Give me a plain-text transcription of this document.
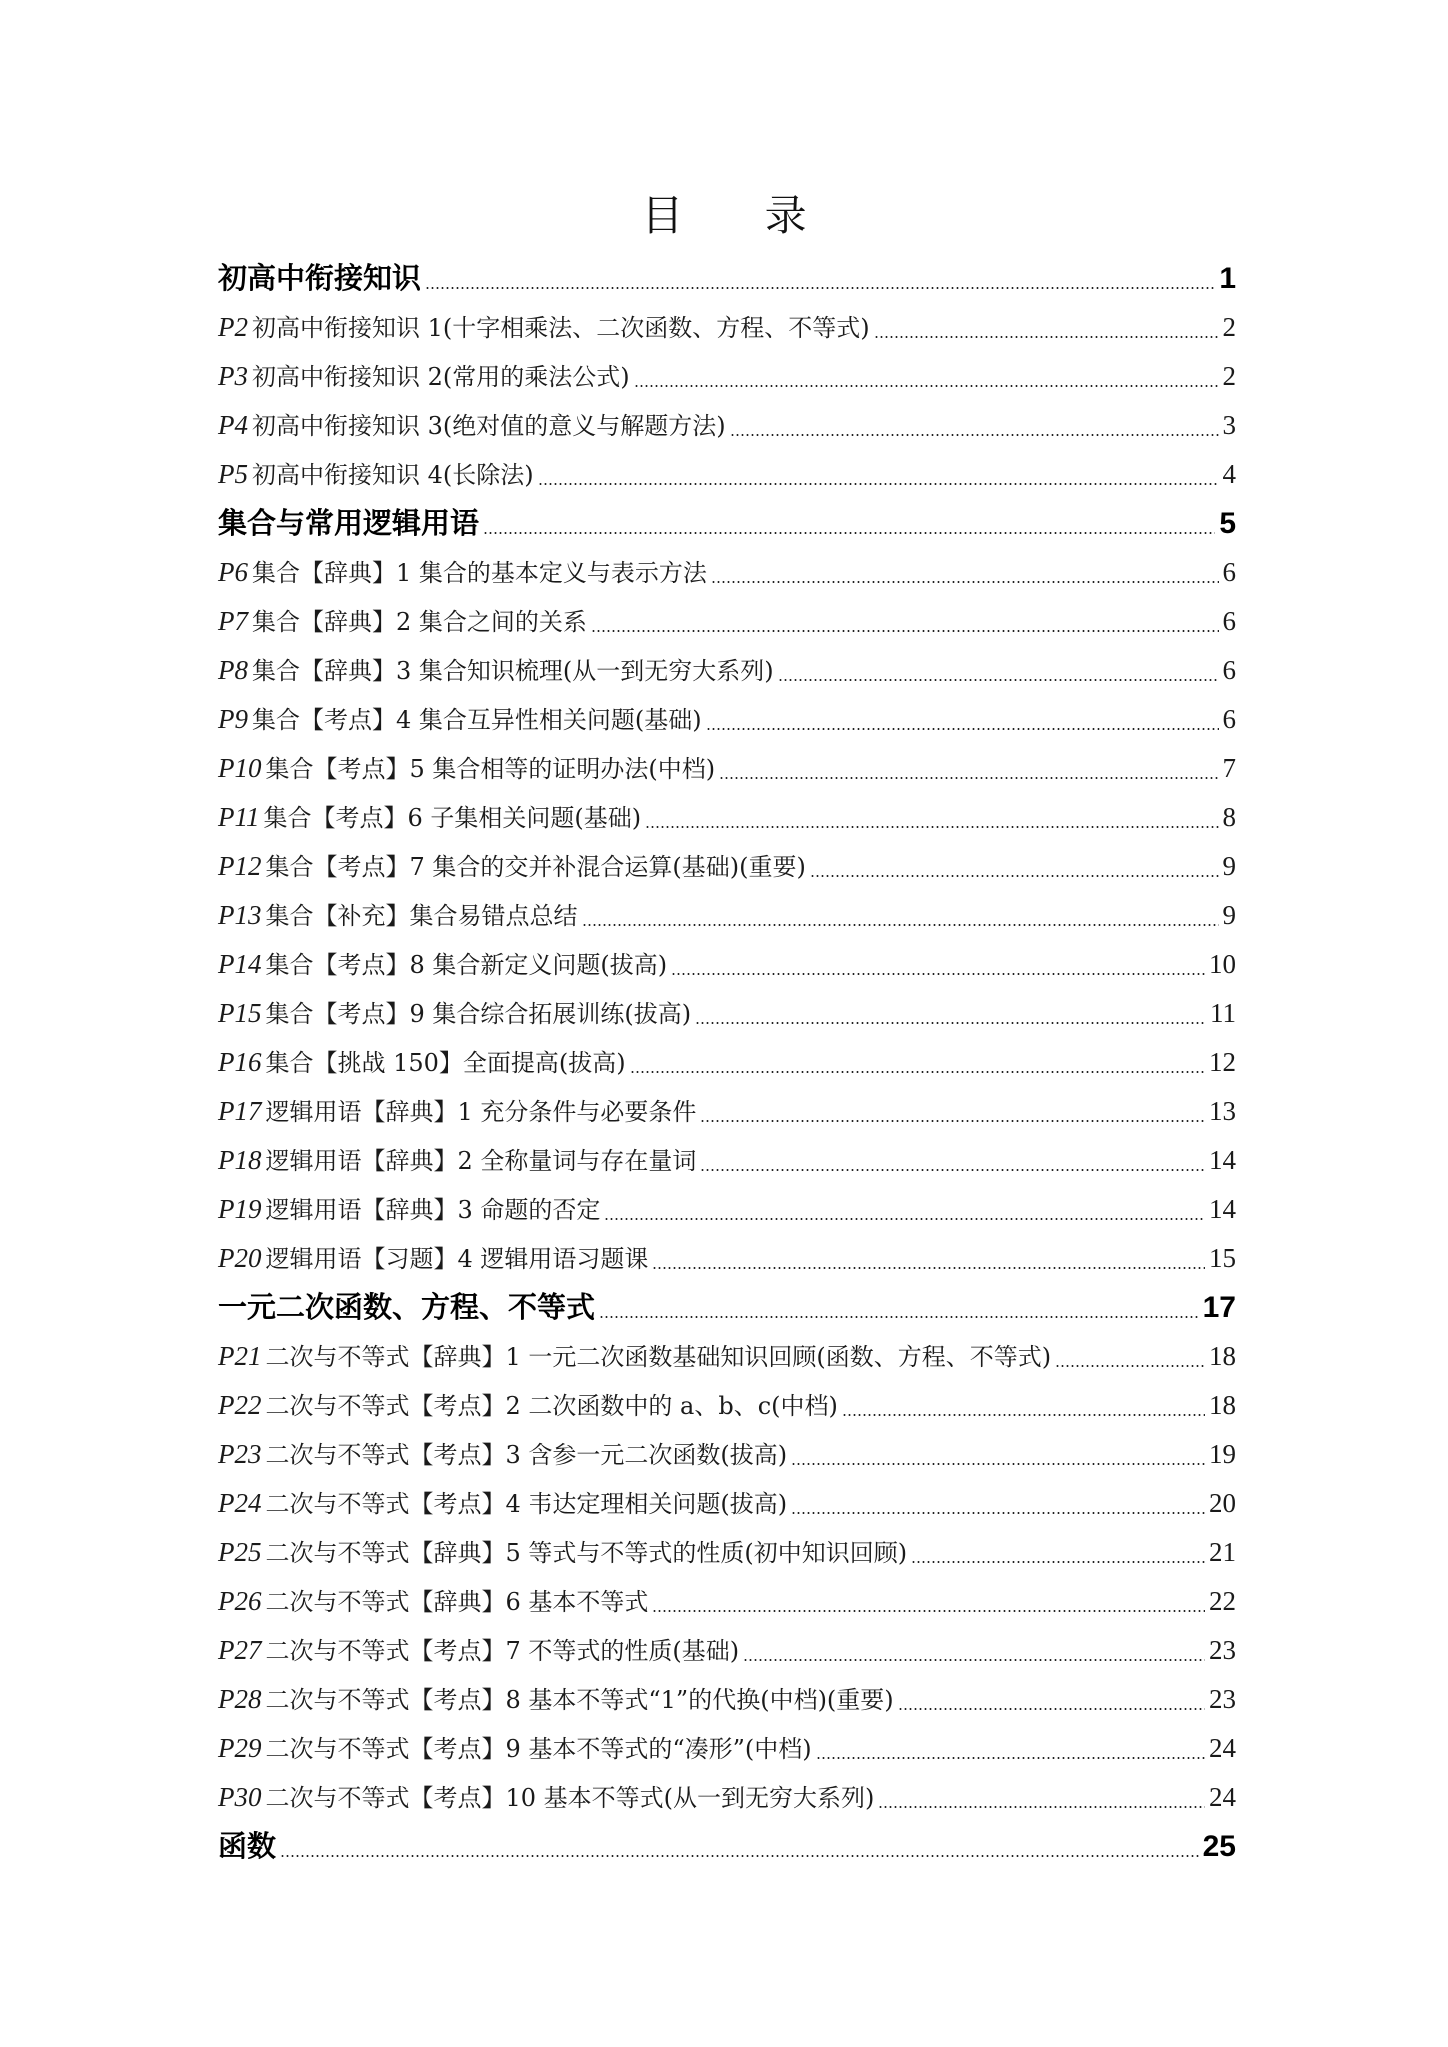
目 录
初高中衔接知识	1
P2 初高中衔接知识 1(十字相乘法、二次函数、方程、不等式)	2
P3 初高中衔接知识 2(常用的乘法公式)	2
P4 初高中衔接知识 3(绝对值的意义与解题方法)	3
P5 初高中衔接知识 4(长除法)	4
集合与常用逻辑用语	5
P6 集合【辞典】1 集合的基本定义与表示方法	6
P7 集合【辞典】2 集合之间的关系	6
P8 集合【辞典】3 集合知识梳理(从一到无穷大系列)	6
P9 集合【考点】4 集合互异性相关问题(基础)	6
P10 集合【考点】5 集合相等的证明办法(中档)	7
P11 集合【考点】6 子集相关问题(基础)	8
P12 集合【考点】7 集合的交并补混合运算(基础)(重要)	9
P13 集合【补充】集合易错点总结	9
P14 集合【考点】8 集合新定义问题(拔高)	10
P15 集合【考点】9 集合综合拓展训练(拔高)	11
P16 集合【挑战 150】全面提高(拔高)	12
P17 逻辑用语【辞典】1 充分条件与必要条件	13
P18 逻辑用语【辞典】2 全称量词与存在量词	14
P19 逻辑用语【辞典】3 命题的否定	14
P20 逻辑用语【习题】4 逻辑用语习题课	15
一元二次函数、方程、不等式	17
P21 二次与不等式【辞典】1 一元二次函数基础知识回顾(函数、方程、不等式)	18
P22 二次与不等式【考点】2 二次函数中的 a、b、c(中档)	18
P23 二次与不等式【考点】3 含参一元二次函数(拔高)	19
P24 二次与不等式【考点】4 韦达定理相关问题(拔高)	20
P25 二次与不等式【辞典】5 等式与不等式的性质(初中知识回顾)	21
P26 二次与不等式【辞典】6 基本不等式	22
P27 二次与不等式【考点】7 不等式的性质(基础)	23
P28 二次与不等式【考点】8 基本不等式“1”的代换(中档)(重要)	23
P29 二次与不等式【考点】9 基本不等式的“凑形”(中档)	24
P30 二次与不等式【考点】10 基本不等式(从一到无穷大系列)	24
函数	25
